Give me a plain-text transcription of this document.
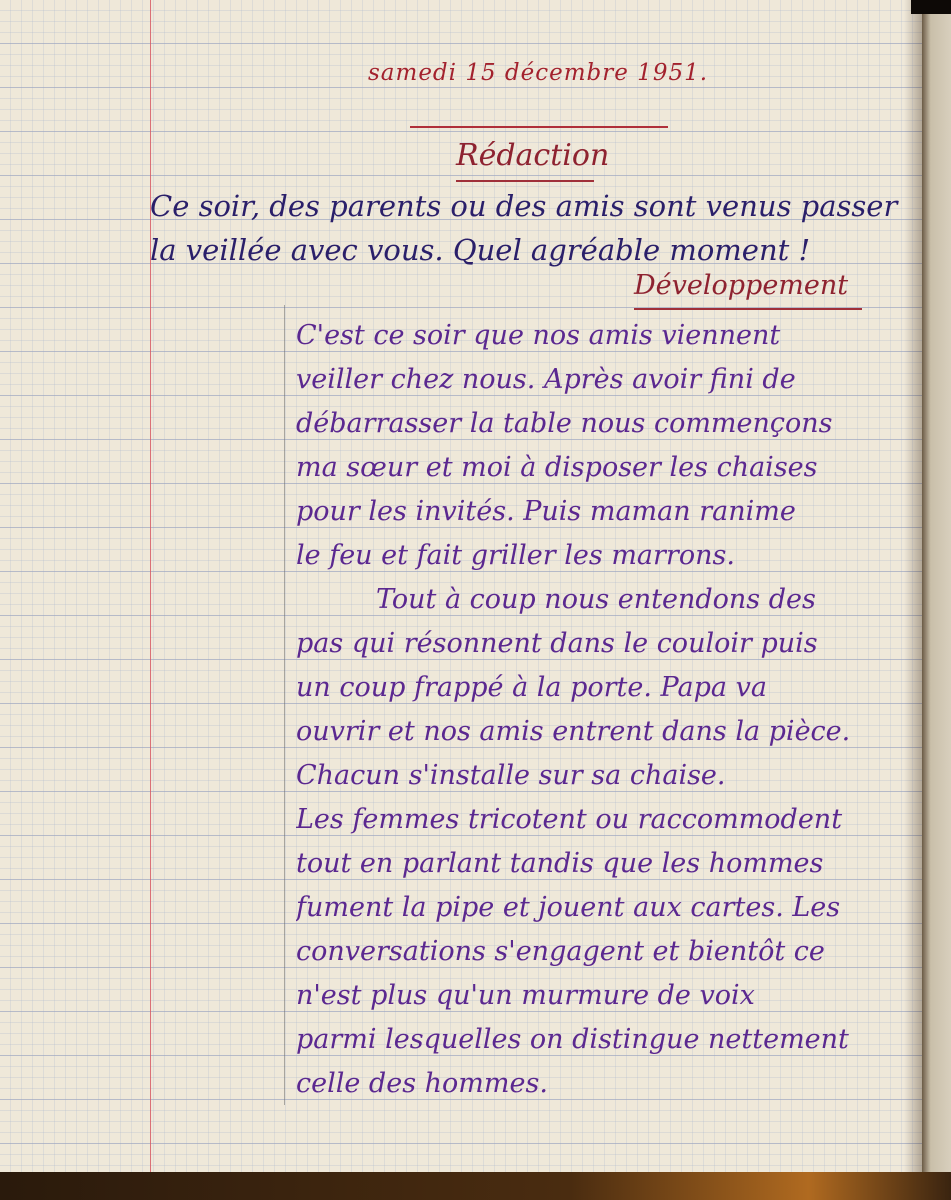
samedi 15 décembre 1951.
Rédaction
Ce soir, des parents ou des amis sont venus passer la veillée avec vous. Quel agréable moment !
Développement
C'est ce soir que nos amis viennent
veiller chez nous. Après avoir fini de
débarrasser la table nous commençons
ma sœur et moi à disposer les chaises
pour les invités. Puis maman ranime
le feu et fait griller les marrons.
Tout à coup nous entendons des
pas qui résonnent dans le couloir puis
un coup frappé à la porte. Papa va
ouvrir et nos amis entrent dans la pièce.
Chacun s'installe sur sa chaise.
Les femmes tricotent ou raccommodent
tout en parlant tandis que les hommes
fument la pipe et jouent aux cartes. Les
conversations s'engagent et bientôt ce
n'est plus qu'un murmure de voix
parmi lesquelles on distingue nettement
celle des hommes.
